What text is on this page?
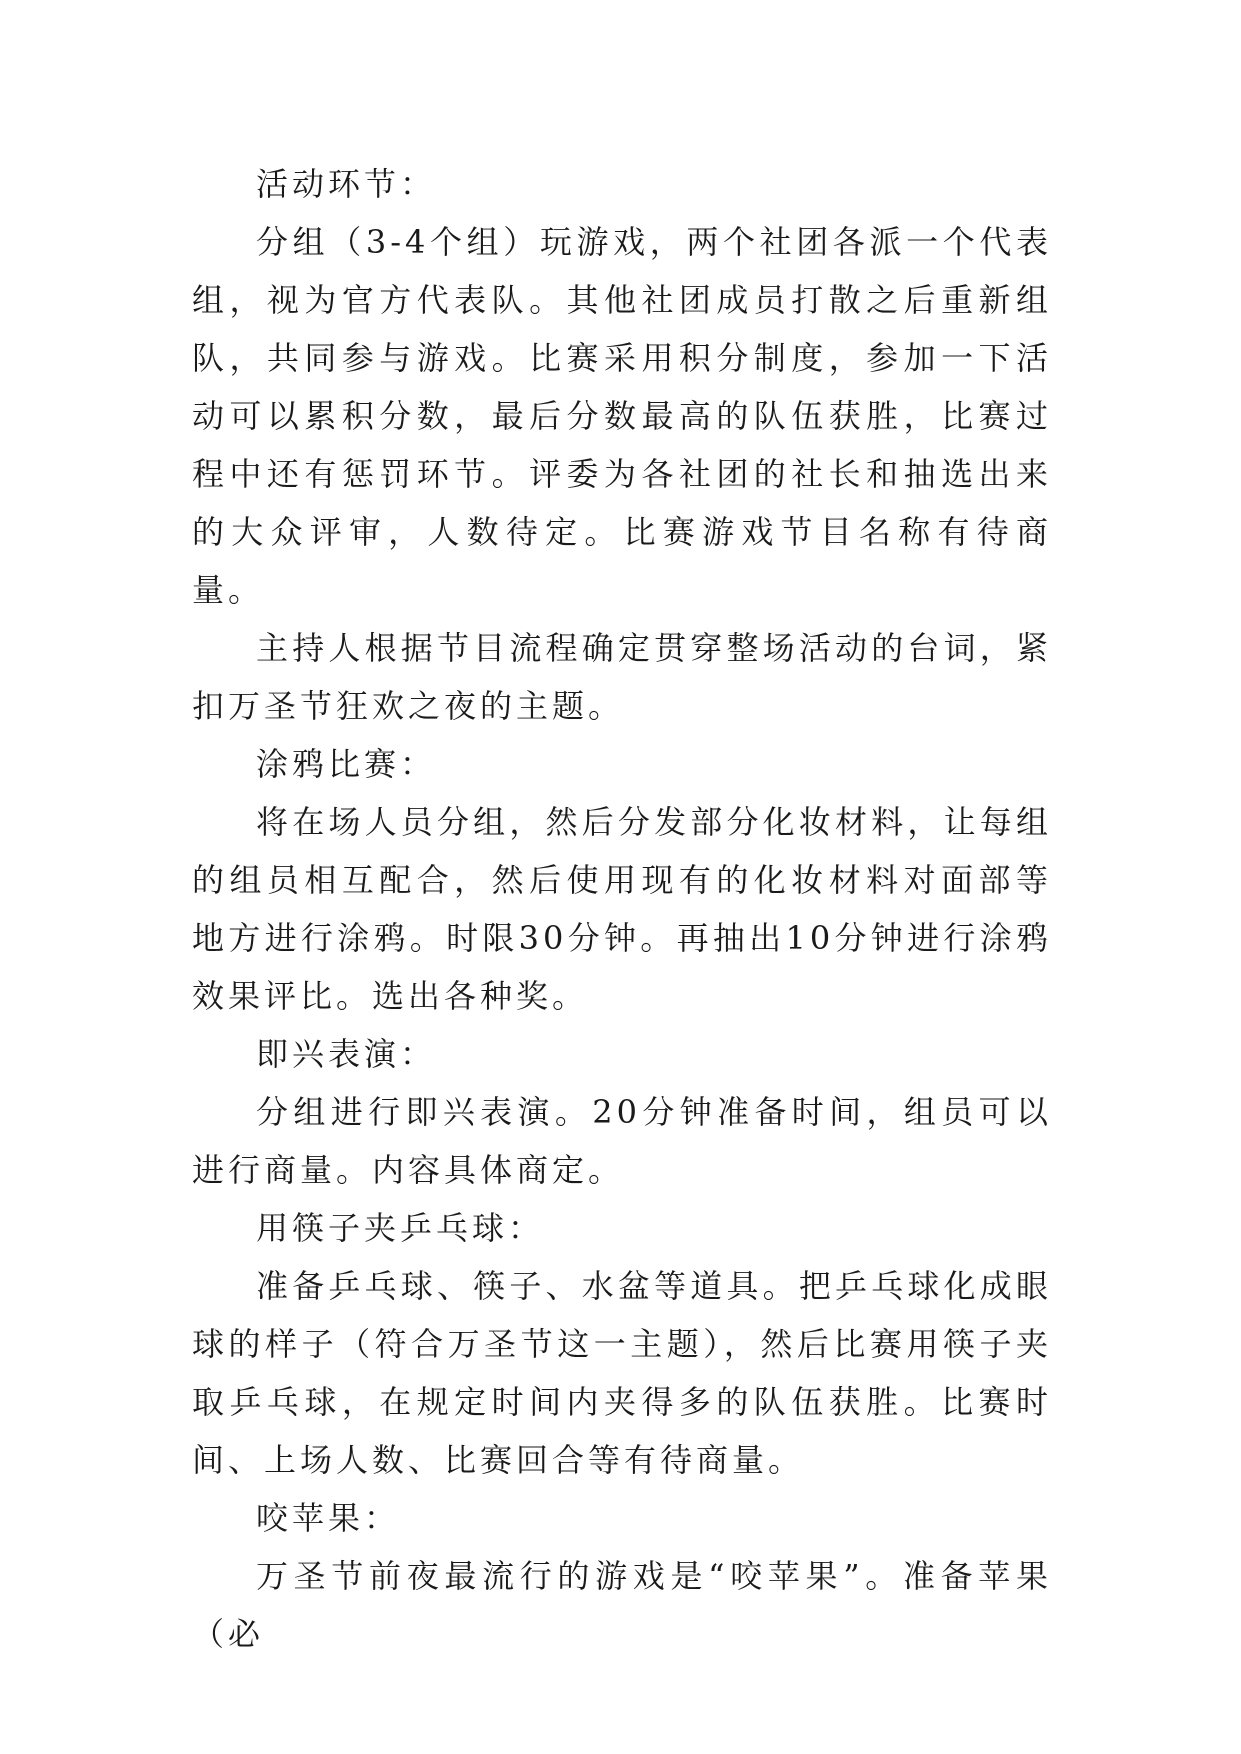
活动环节：

分组（3-4个组）玩游戏，两个社团各派一个代表组，视为官方代表队。其他社团成员打散之后重新组队，共同参与游戏。比赛采用积分制度，参加一下活动可以累积分数，最后分数最高的队伍获胜，比赛过程中还有惩罚环节。评委为各社团的社长和抽选出来的大众评审，人数待定。比赛游戏节目名称有待商量。

主持人根据节目流程确定贯穿整场活动的台词，紧扣万圣节狂欢之夜的主题。

涂鸦比赛：

将在场人员分组，然后分发部分化妆材料，让每组的组员相互配合，然后使用现有的化妆材料对面部等地方进行涂鸦。时限30分钟。再抽出10分钟进行涂鸦效果评比。选出各种奖。

即兴表演：

分组进行即兴表演。20分钟准备时间，组员可以进行商量。内容具体商定。

用筷子夹乒乓球：

准备乒乓球、筷子、水盆等道具。把乒乓球化成眼球的样子（符合万圣节这一主题），然后比赛用筷子夹取乒乓球，在规定时间内夹得多的队伍获胜。比赛时间、上场人数、比赛回合等有待商量。

咬苹果：

万圣节前夜最流行的游戏是“咬苹果”。准备苹果（必
